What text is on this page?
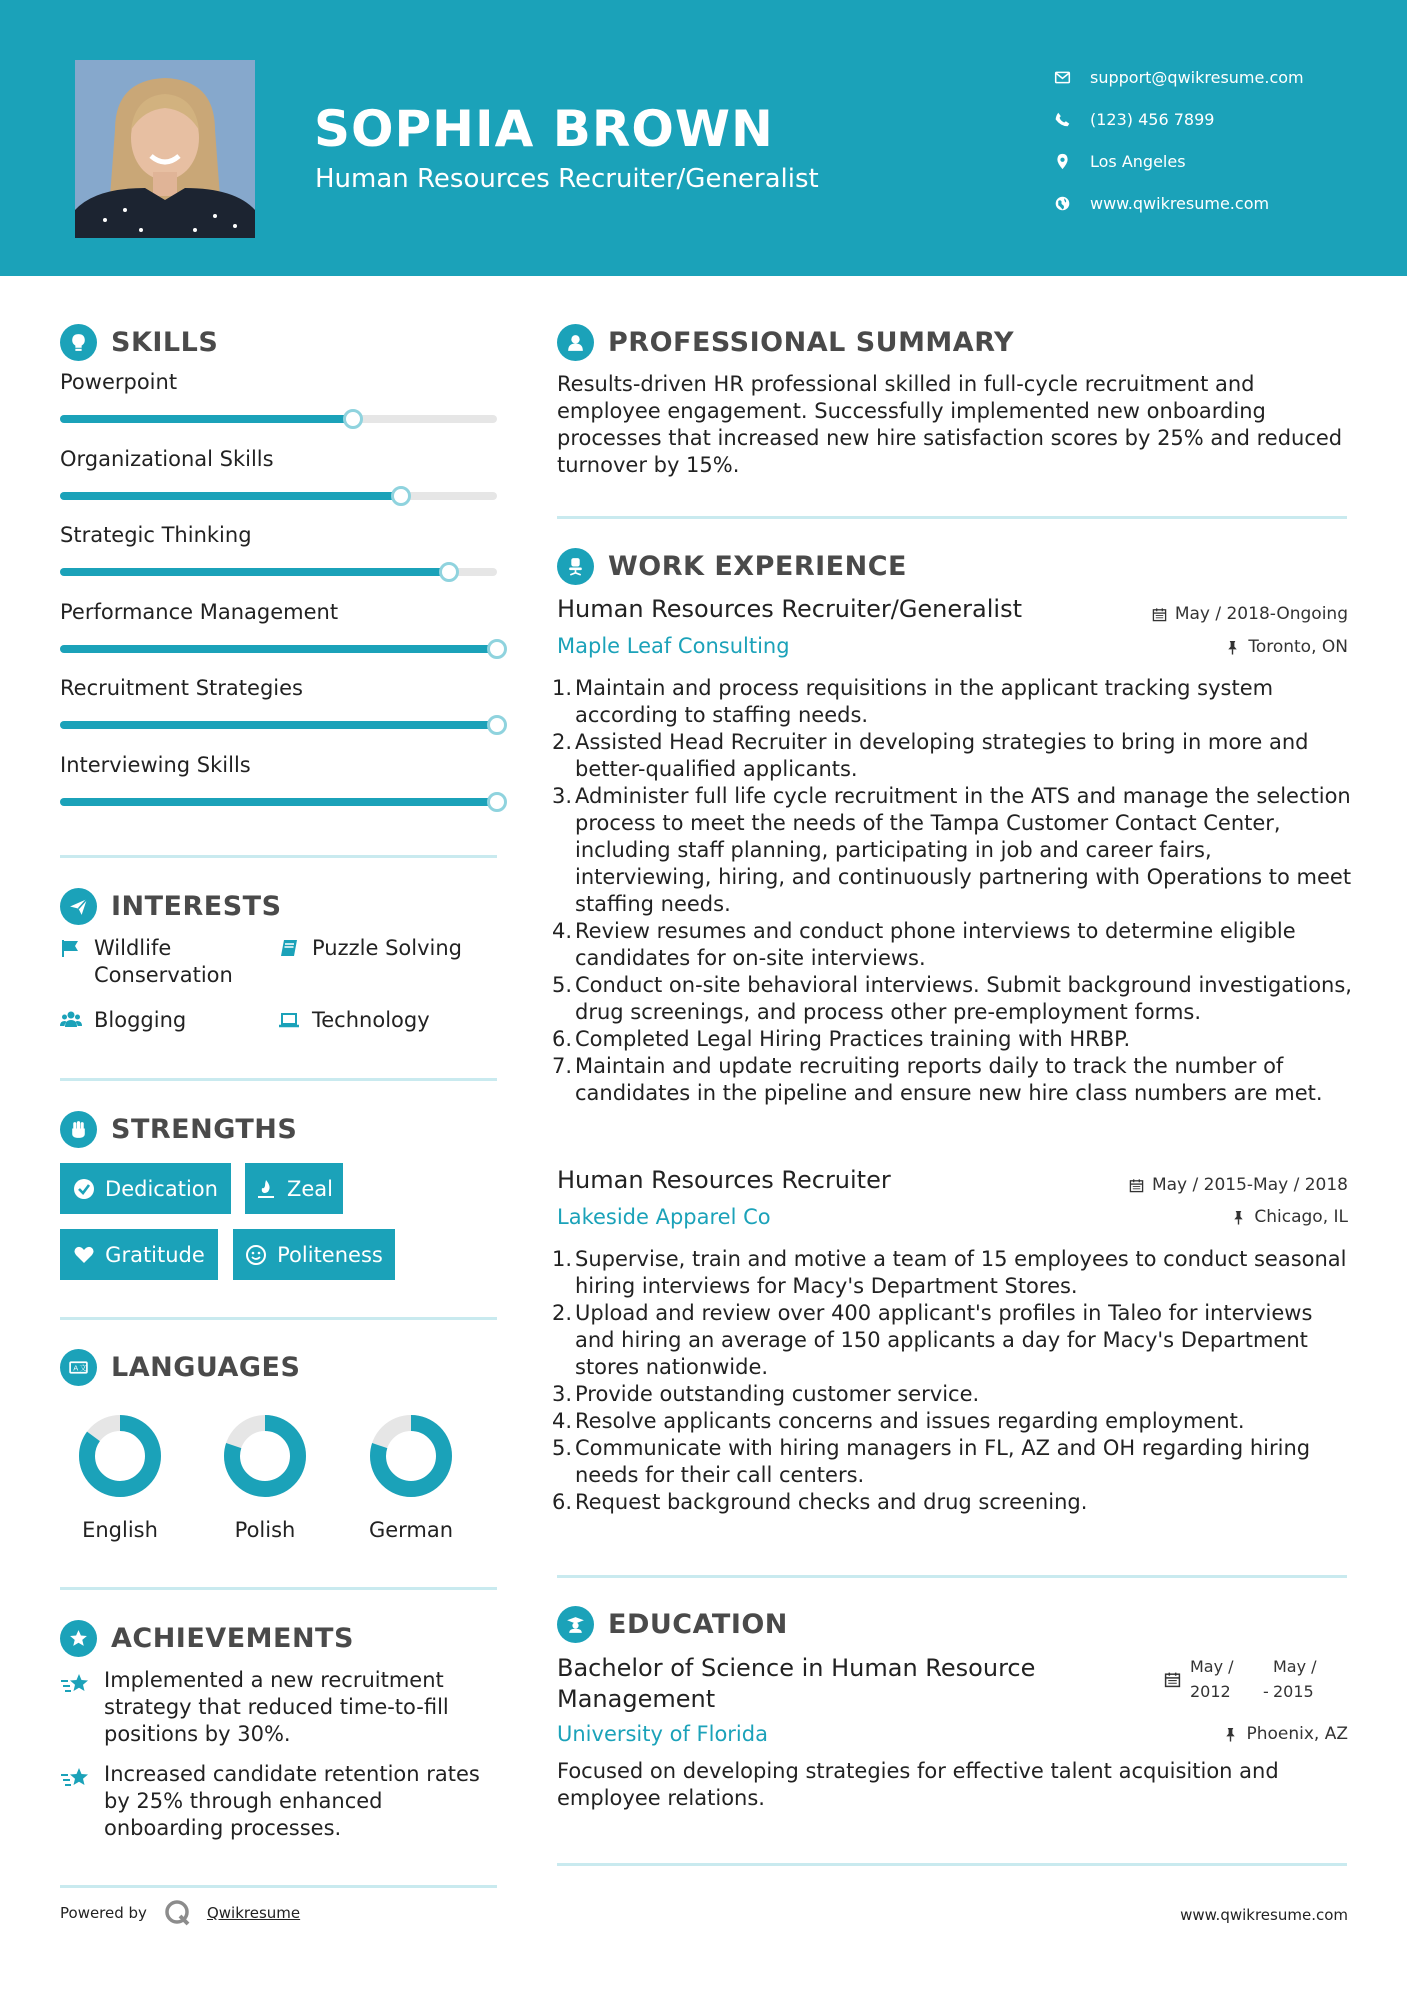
SOPHIA BROWN
Human Resources Recruiter/Generalist
support@qwikresume.com
(123) 456 7899
Los Angeles
www.qwikresume.com
SKILLS
Powerpoint
Organizational Skills
Strategic Thinking
Performance Management
Recruitment Strategies
Interviewing Skills
INTERESTS
Wildlife Conservation
Puzzle Solving
Blogging	Technology
STRENGTHS
Dedication	Zeal
Gratitude	Politeness
A 文 LANGUAGES
English	Polish	German
ACHIEVEMENTS
Implemented a new recruitment strategy that reduced time-to-fill positions by 30%.
Increased candidate retention rates by 25% through enhanced onboarding processes.
Powered by	Qwikresume
PROFESSIONAL SUMMARY
Results-driven HR professional skilled in full-cycle recruitment and employee engagement. Successfully implemented new onboarding processes that increased new hire satisfaction scores by 25% and reduced turnover by 15%.
WORK EXPERIENCE
Human Resources Recruiter/Generalist	May / 2018-Ongoing
Maple Leaf Consulting	Toronto, ON
1. Maintain and process requisitions in the applicant tracking system according to staffing needs.
2. Assisted Head Recruiter in developing strategies to bring in more and better-qualified applicants.
3. Administer full life cycle recruitment in the ATS and manage the selection process to meet the needs of the Tampa Customer Contact Center, including staff planning, participating in job and career fairs, interviewing, hiring, and continuously partnering with Operations to meet staffing needs.
4. Review resumes and conduct phone interviews to determine eligible candidates for on-site interviews.
5. Conduct on-site behavioral interviews. Submit background investigations, drug screenings, and process other pre-employment forms.
6. Completed Legal Hiring Practices training with HRBP.
7. Maintain and update recruiting reports daily to track the number of candidates in the pipeline and ensure new hire class numbers are met.
Human Resources Recruiter	May / 2015-May / 2018
Lakeside Apparel Co	Chicago, IL
1. Supervise, train and motive a team of 15 employees to conduct seasonal hiring interviews for Macy's Department Stores.
2. Upload and review over 400 applicant's profiles in Taleo for interviews and hiring an average of 150 applicants a day for Macy's Department stores nationwide.
3. Provide outstanding customer service.
4. Resolve applicants concerns and issues regarding employment.
5. Communicate with hiring managers in FL, AZ and OH regarding hiring needs for their call centers.
6. Request background checks and drug screening.
EDUCATION
Bachelor of Science in Human Resource Management
May /
2012
-
May /
2015
University of Florida	Phoenix, AZ
Focused on developing strategies for effective talent acquisition and employee relations.
www.qwikresume.com
